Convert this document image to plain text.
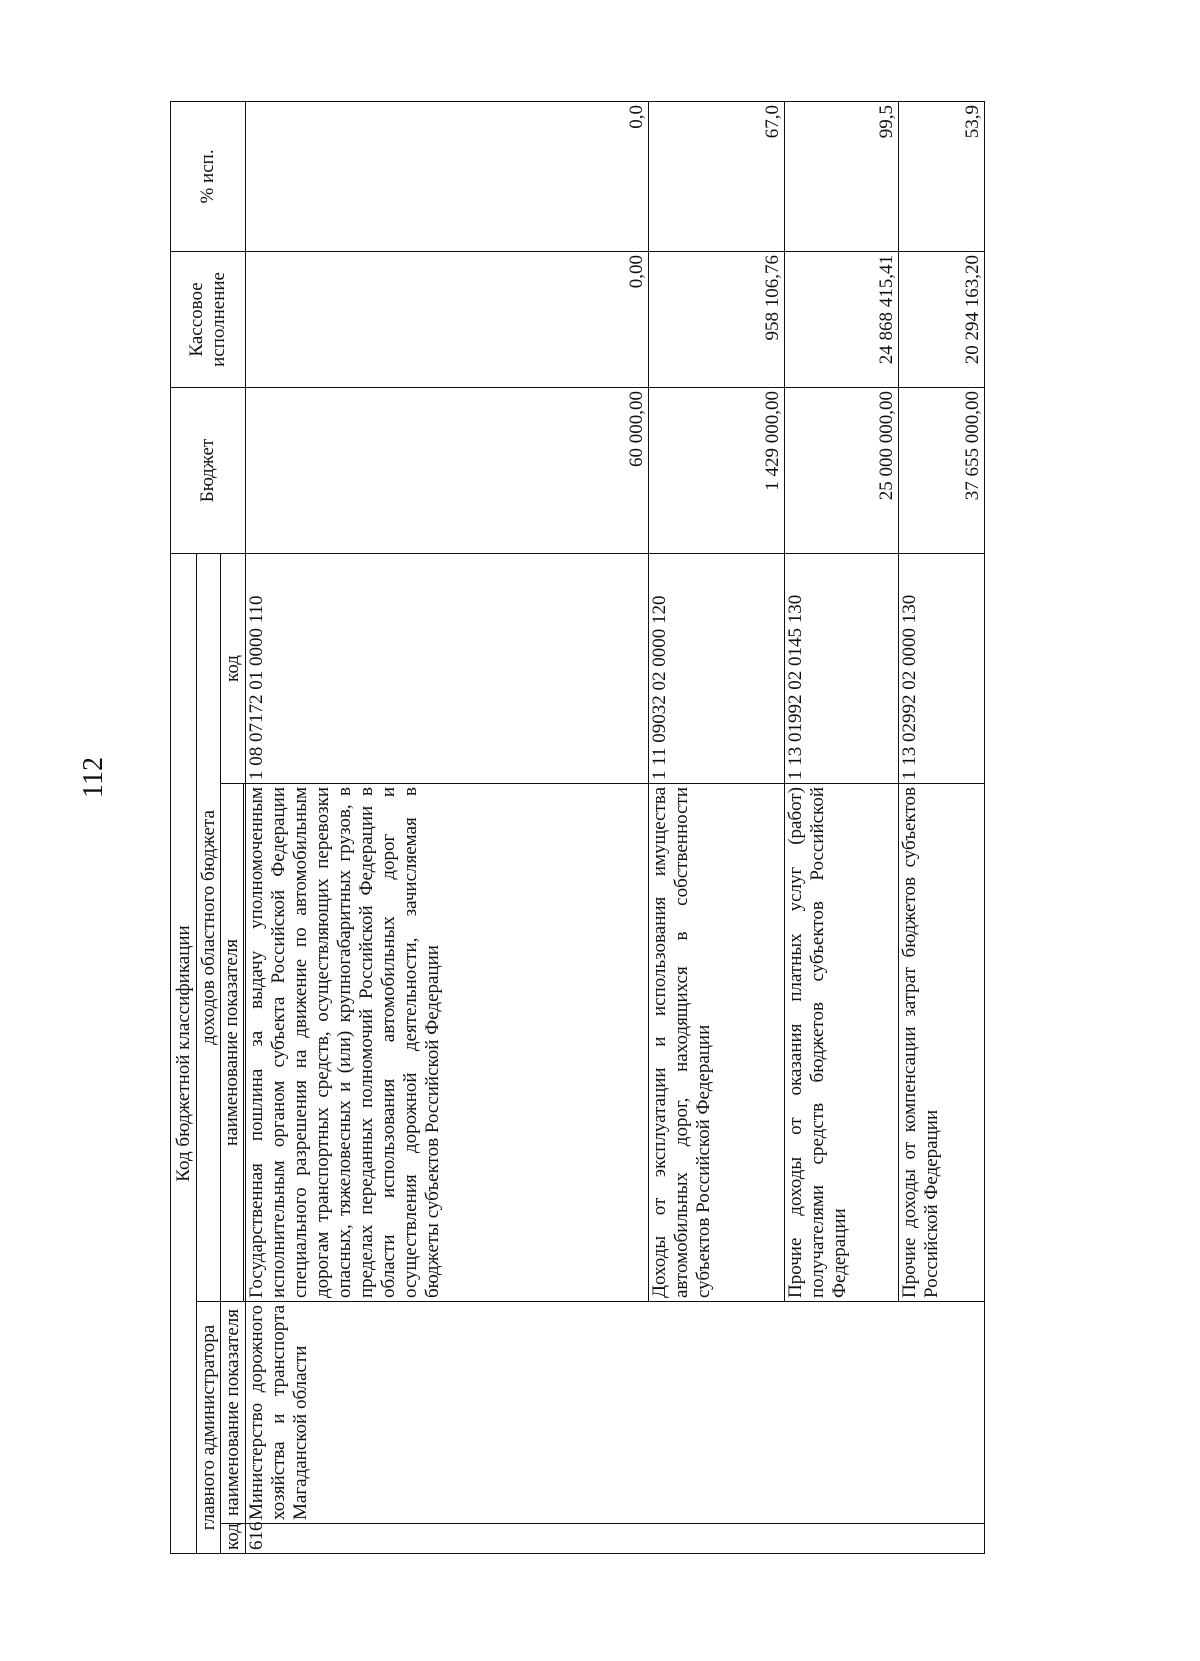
112
Код бюджетной классификации				Бюджет	Кассовое исполнение	% исп.
главного администратора		доходов областного бюджета				
код	наименование показателя	наименование показателя	код			

616	Министерство дорожного хозяйства и транспорта Магаданской области	Государственная пошлина за выдачу уполномоченным исполнительным органом субъекта Российской Федерации специального разрешения на движение по автомобильным дорогам транспортных средств, осуществляющих перевозки опасных, тяжеловесных и (или) крупногабаритных грузов, в пределах переданных полномочий Российской Федерации в области использования автомобильных дорог и осуществления дорожной деятельности, зачисляемая в бюджеты субъектов Российской Федерации	1 08 07172 01 0000 110	60 000,00	0,00	0,0
		Доходы от эксплуатации и использования имущества автомобильных дорог, находящихся в собственности субъектов Российской Федерации	1 11 09032 02 0000 120	1 429 000,00	958 106,76	67,0
		Прочие доходы от оказания платных услуг (работ) получателями средств бюджетов субъектов Российской Федерации	1 13 01992 02 0145 130	25 000 000,00	24 868 415,41	99,5
		Прочие доходы от компенсации затрат бюджетов субъектов Российской Федерации	1 13 02992 02 0000 130	37 655 000,00	20 294 163,20	53,9
